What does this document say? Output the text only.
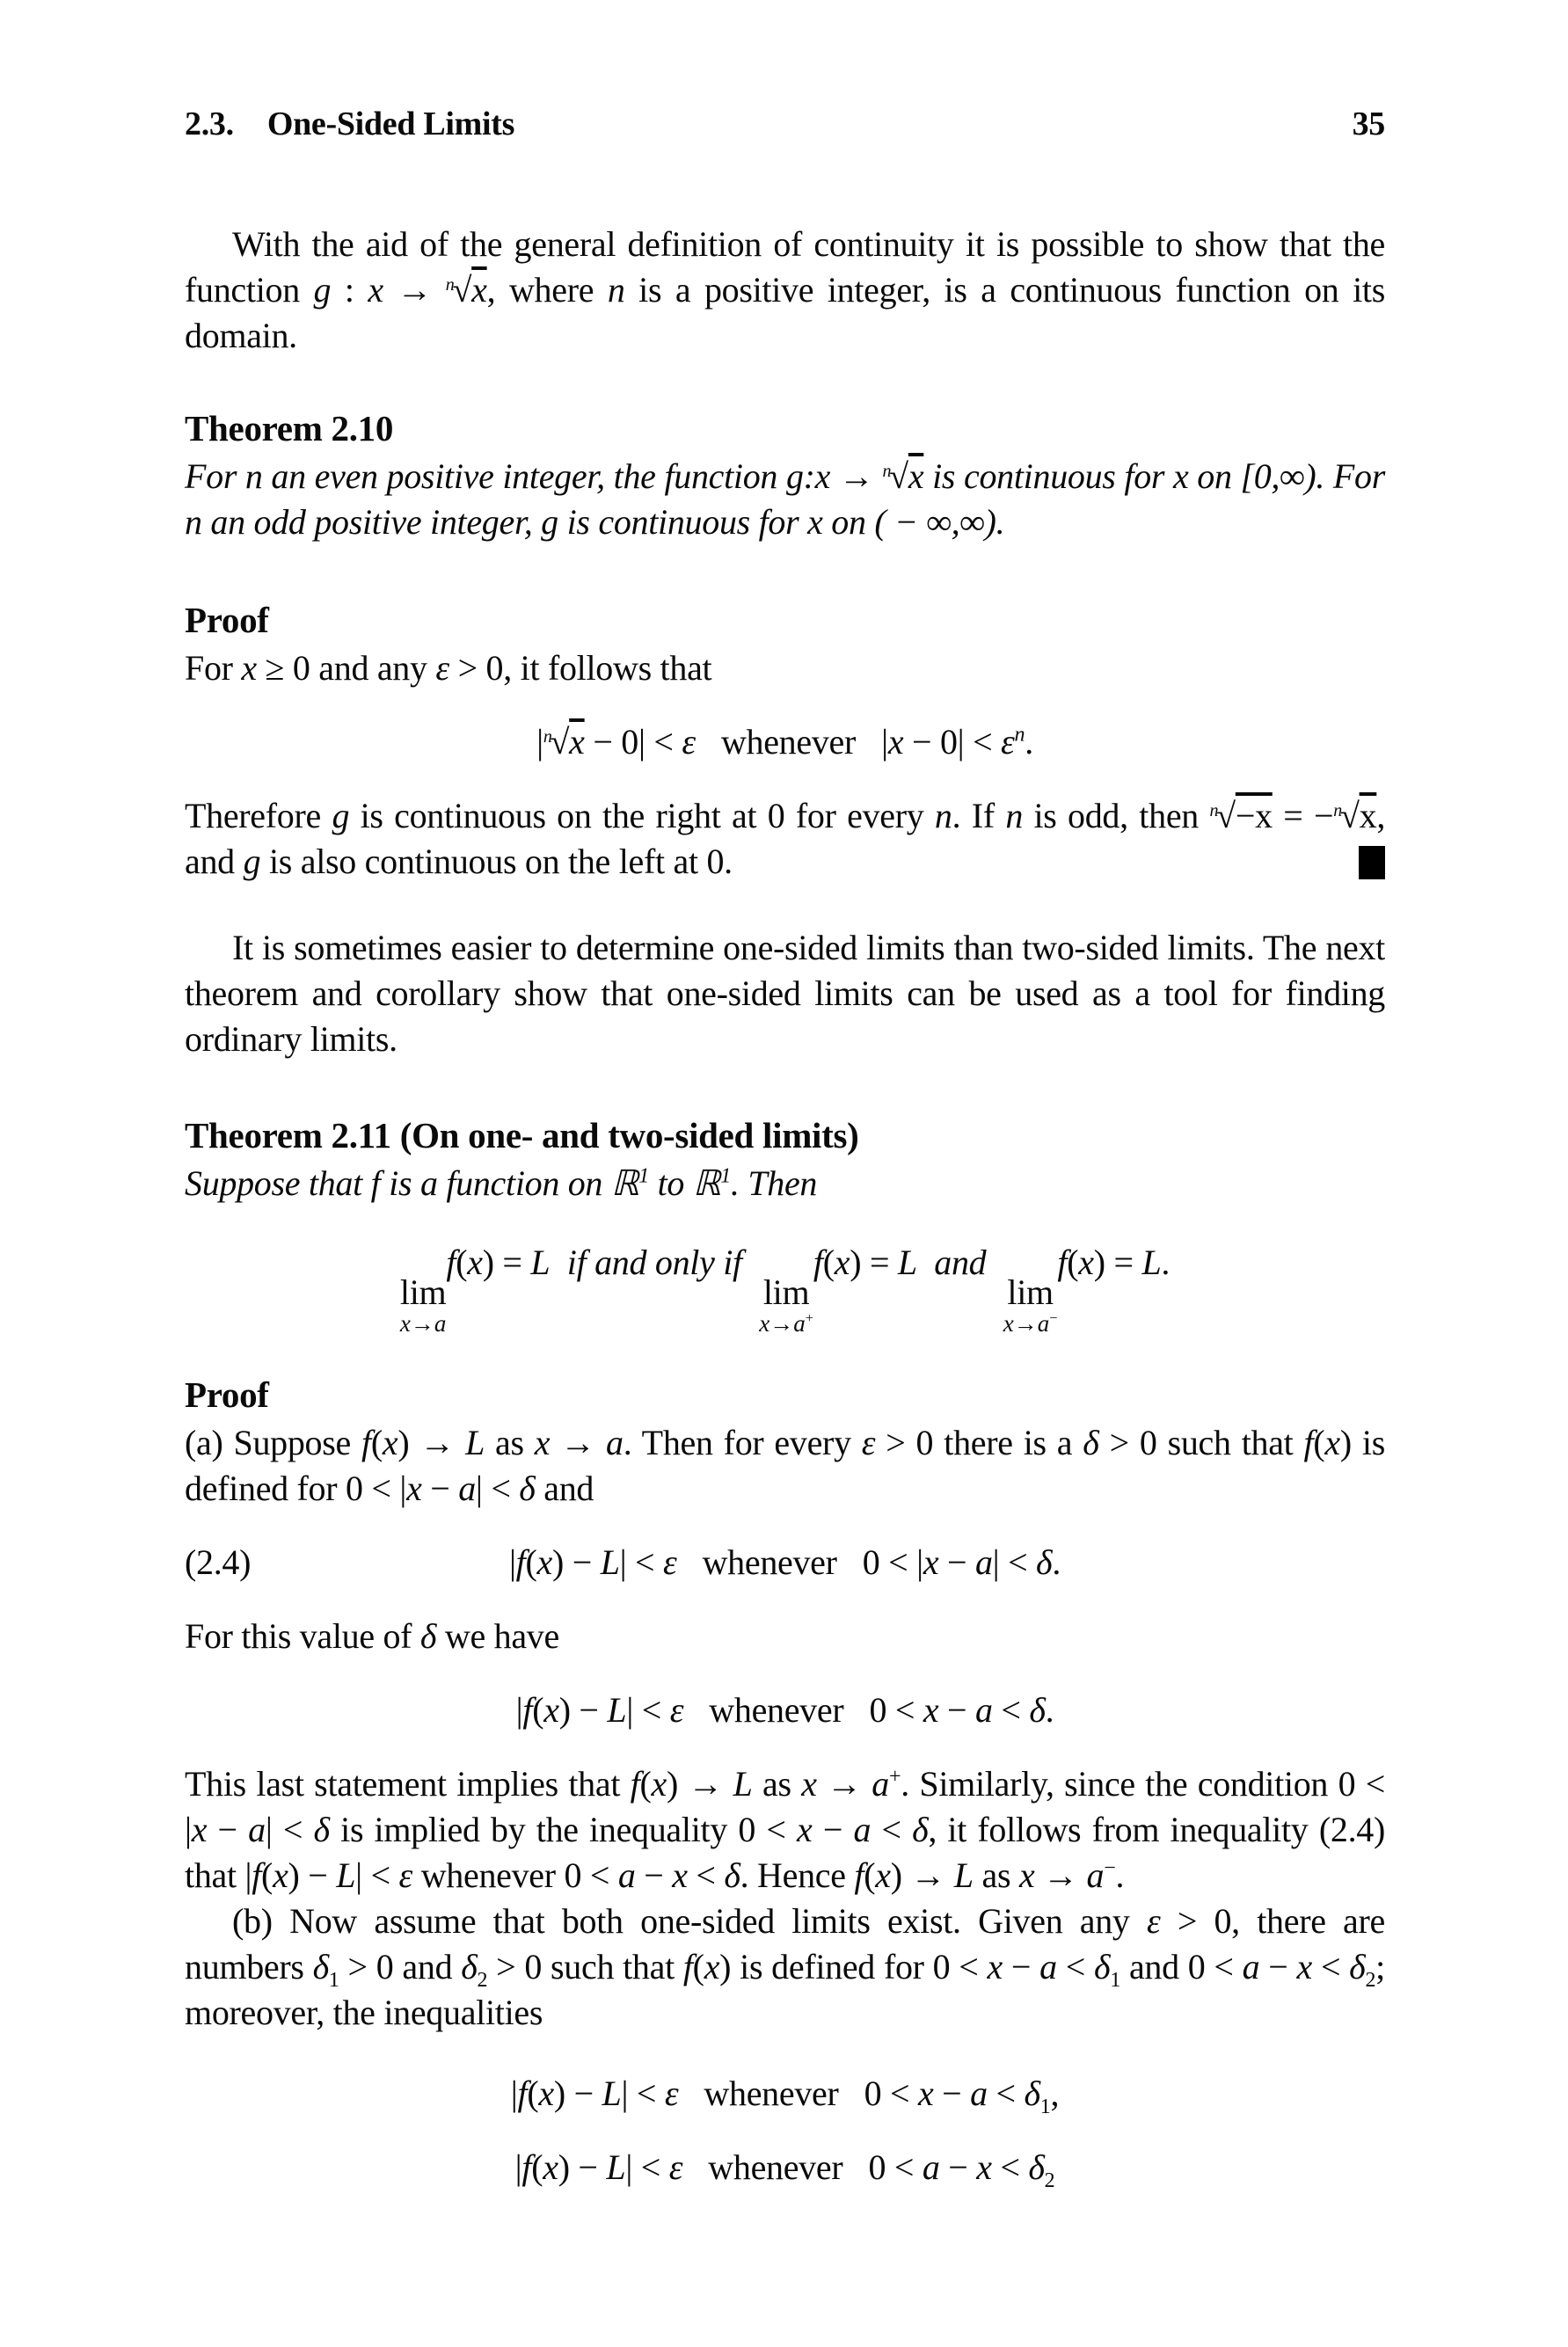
2.3. One-Sided Limits	35

With the aid of the general definition of continuity it is possible to show that the function g : x → $^n$√x, where n is a positive integer, is a continuous function on its domain.

Theorem 2.10

For n an even positive integer, the function g:x → $^n$√x is continuous for x on [0,∞). For n an odd positive integer, g is continuous for x on ( − ∞,∞).

Proof

For x ≥ 0 and any ε > 0, it follows that

$|^n√x - 0| < \varepsilon$   whenever   $|x - 0| < \varepsilon^n$.

Therefore g is continuous on the right at 0 for every n. If n is odd, then $^n$√−x = −$^n$√x, and g is also continuous on the left at 0.

It is sometimes easier to determine one-sided limits than two-sided limits. The next theorem and corollary show that one-sided limits can be used as a tool for finding ordinary limits.

Theorem 2.11 (On one- and two-sided limits)

Suppose that f is a function on ℝ$^1$ to ℝ$^1$. Then

lim
x→a
f(x) = L if and only if
lim
x→a+
f(x) = L and
lim
x→a−
f(x) = L.

Proof

(a) Suppose f(x) → L as x → a. Then for every ε > 0 there is a δ > 0 such that f(x) is defined for 0 < |x − a| < δ and

(2.4)	|f(x) − L| < ε   whenever   0 < |x − a| < δ.

For this value of δ we have

|f(x) − L| < ε   whenever   0 < x − a < δ.

This last statement implies that f(x) → L as x → a+. Similarly, since the condition 0 < |x − a| < δ is implied by the inequality 0 < x − a < δ, it follows from inequality (2.4) that |f(x) − L| < ε whenever 0 < a − x < δ. Hence f(x) → L as x → a−.

(b) Now assume that both one-sided limits exist. Given any ε > 0, there are numbers $\delta_1 > 0$ and $\delta_2 > 0$ such that f(x) is defined for $0 < x - a < \delta_1$ and $0 < a - x < \delta_2$; moreover, the inequalities

|f(x) − L| < ε   whenever   $0 < x - a < \delta_1$,

|f(x) − L| < ε   whenever   $0 < a - x < \delta_2$
